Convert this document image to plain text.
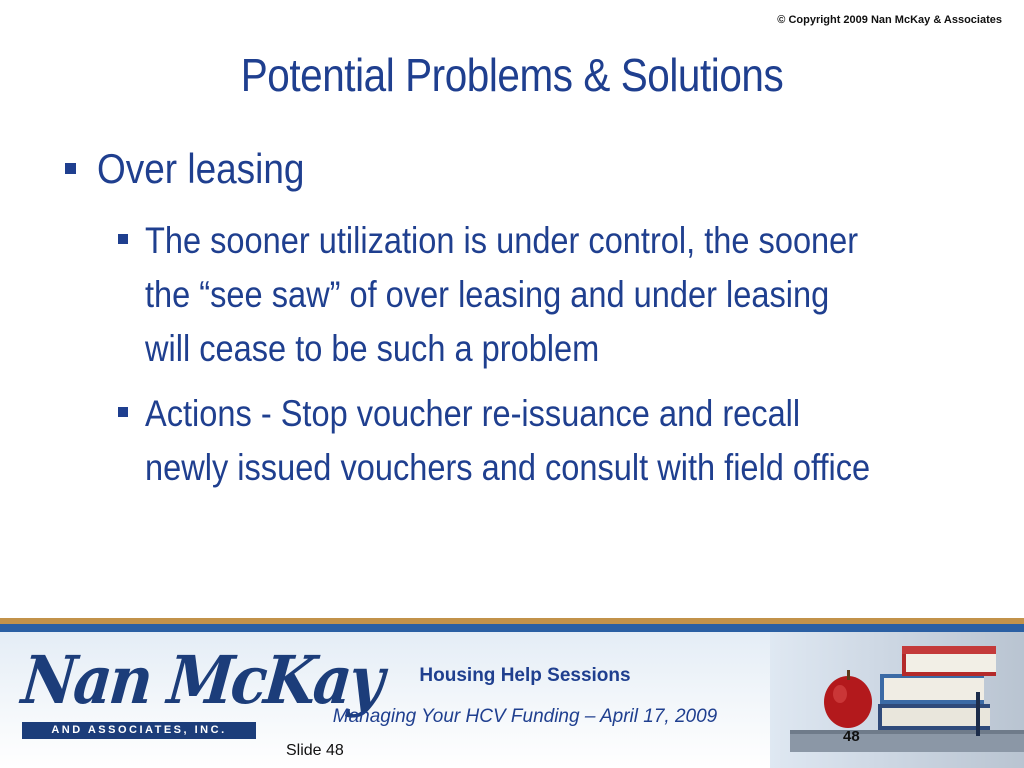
© Copyright 2009 Nan McKay & Associates
Potential Problems & Solutions
Over leasing
The sooner utilization is under control, the sooner the “see saw” of over leasing and under leasing will cease to be such a problem
Actions - Stop voucher re-issuance and recall newly issued vouchers and consult with field office
Nan McKay
AND ASSOCIATES, INC.
Housing Help Sessions
Managing Your HCV Funding – April 17, 2009
Slide 48
48
